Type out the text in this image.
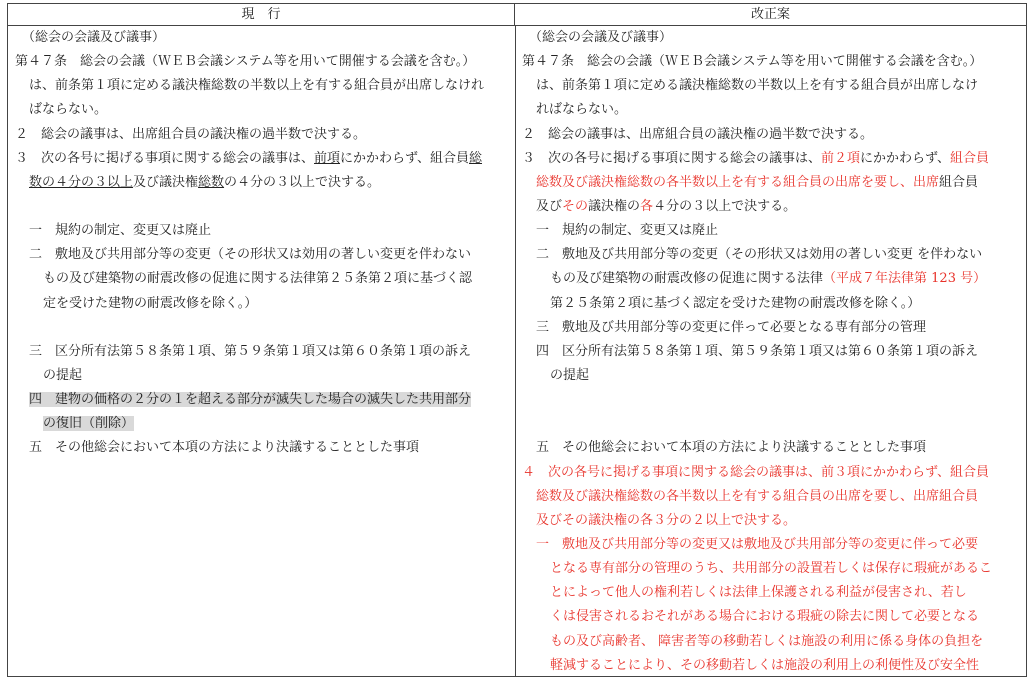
現　行	改正案
（総会の会議及び議事）
第４７条　総会の会議（ＷＥＢ会議システム等を用いて開催する会議を含む。）
は、前条第１項に定める議決権総数の半数以上を有する組合員が出席しなけれ
ばならない。
２　総会の議事は、出席組合員の議決権の過半数で決する。
３　次の各号に掲げる事項に関する総会の議事は、前項にかかわらず、組合員総
数の４分の３以上及び議決権総数の４分の３以上で決する。
一　規約の制定、変更又は廃止
二　敷地及び共用部分等の変更（その形状又は効用の著しい変更を伴わない
もの及び建築物の耐震改修の促進に関する法律第２５条第２項に基づく認
定を受けた建物の耐震改修を除く。）
三　区分所有法第５８条第１項、第５９条第１項又は第６０条第１項の訴え
の提起
四　建物の価格の２分の１を超える部分が滅失した場合の滅失した共用部分
の復旧（削除）
五　その他総会において本項の方法により決議することとした事項
（総会の会議及び議事）
第４７条　総会の会議（ＷＥＢ会議システム等を用いて開催する会議を含む。）
は、前条第１項に定める議決権総数の半数以上を有する組合員が出席しなけ
ればならない。
２　総会の議事は、出席組合員の議決権の過半数で決する。
３　次の各号に掲げる事項に関する総会の議事は、前２項にかかわらず、組合員
総数及び議決権総数の各半数以上を有する組合員の出席を要し、出席組合員
及びその議決権の各４分の３以上で決する。
一　規約の制定、変更又は廃止
二　敷地及び共用部分等の変更（その形状又は効用の著しい変更 を伴わない
もの及び建築物の耐震改修の促進に関する法律（平成７年法律第 123 号）
第２５条第２項に基づく認定を受けた建物の耐震改修を除く。）
三　敷地及び共用部分等の変更に伴って必要となる専有部分の管理
四　区分所有法第５８条第１項、第５９条第１項又は第６０条第１項の訴え
の提起
五　その他総会において本項の方法により決議することとした事項
４　次の各号に掲げる事項に関する総会の議事は、前３項にかかわらず、組合員
総数及び議決権総数の各半数以上を有する組合員の出席を要し、出席組合員
及びその議決権の各３分の２以上で決する。
一　敷地及び共用部分等の変更又は敷地及び共用部分等の変更に伴って必要
となる専有部分の管理のうち、共用部分の設置若しくは保存に瑕疵があるこ
とによって他人の権利若しくは法律上保護される利益が侵害され、若し
くは侵害されるおそれがある場合における瑕疵の除去に関して必要となる
もの及び高齢者、 障害者等の移動若しくは施設の利用に係る身体の負担を
軽減することにより、その移動若しくは施設の利用上の利便性及び安全性
